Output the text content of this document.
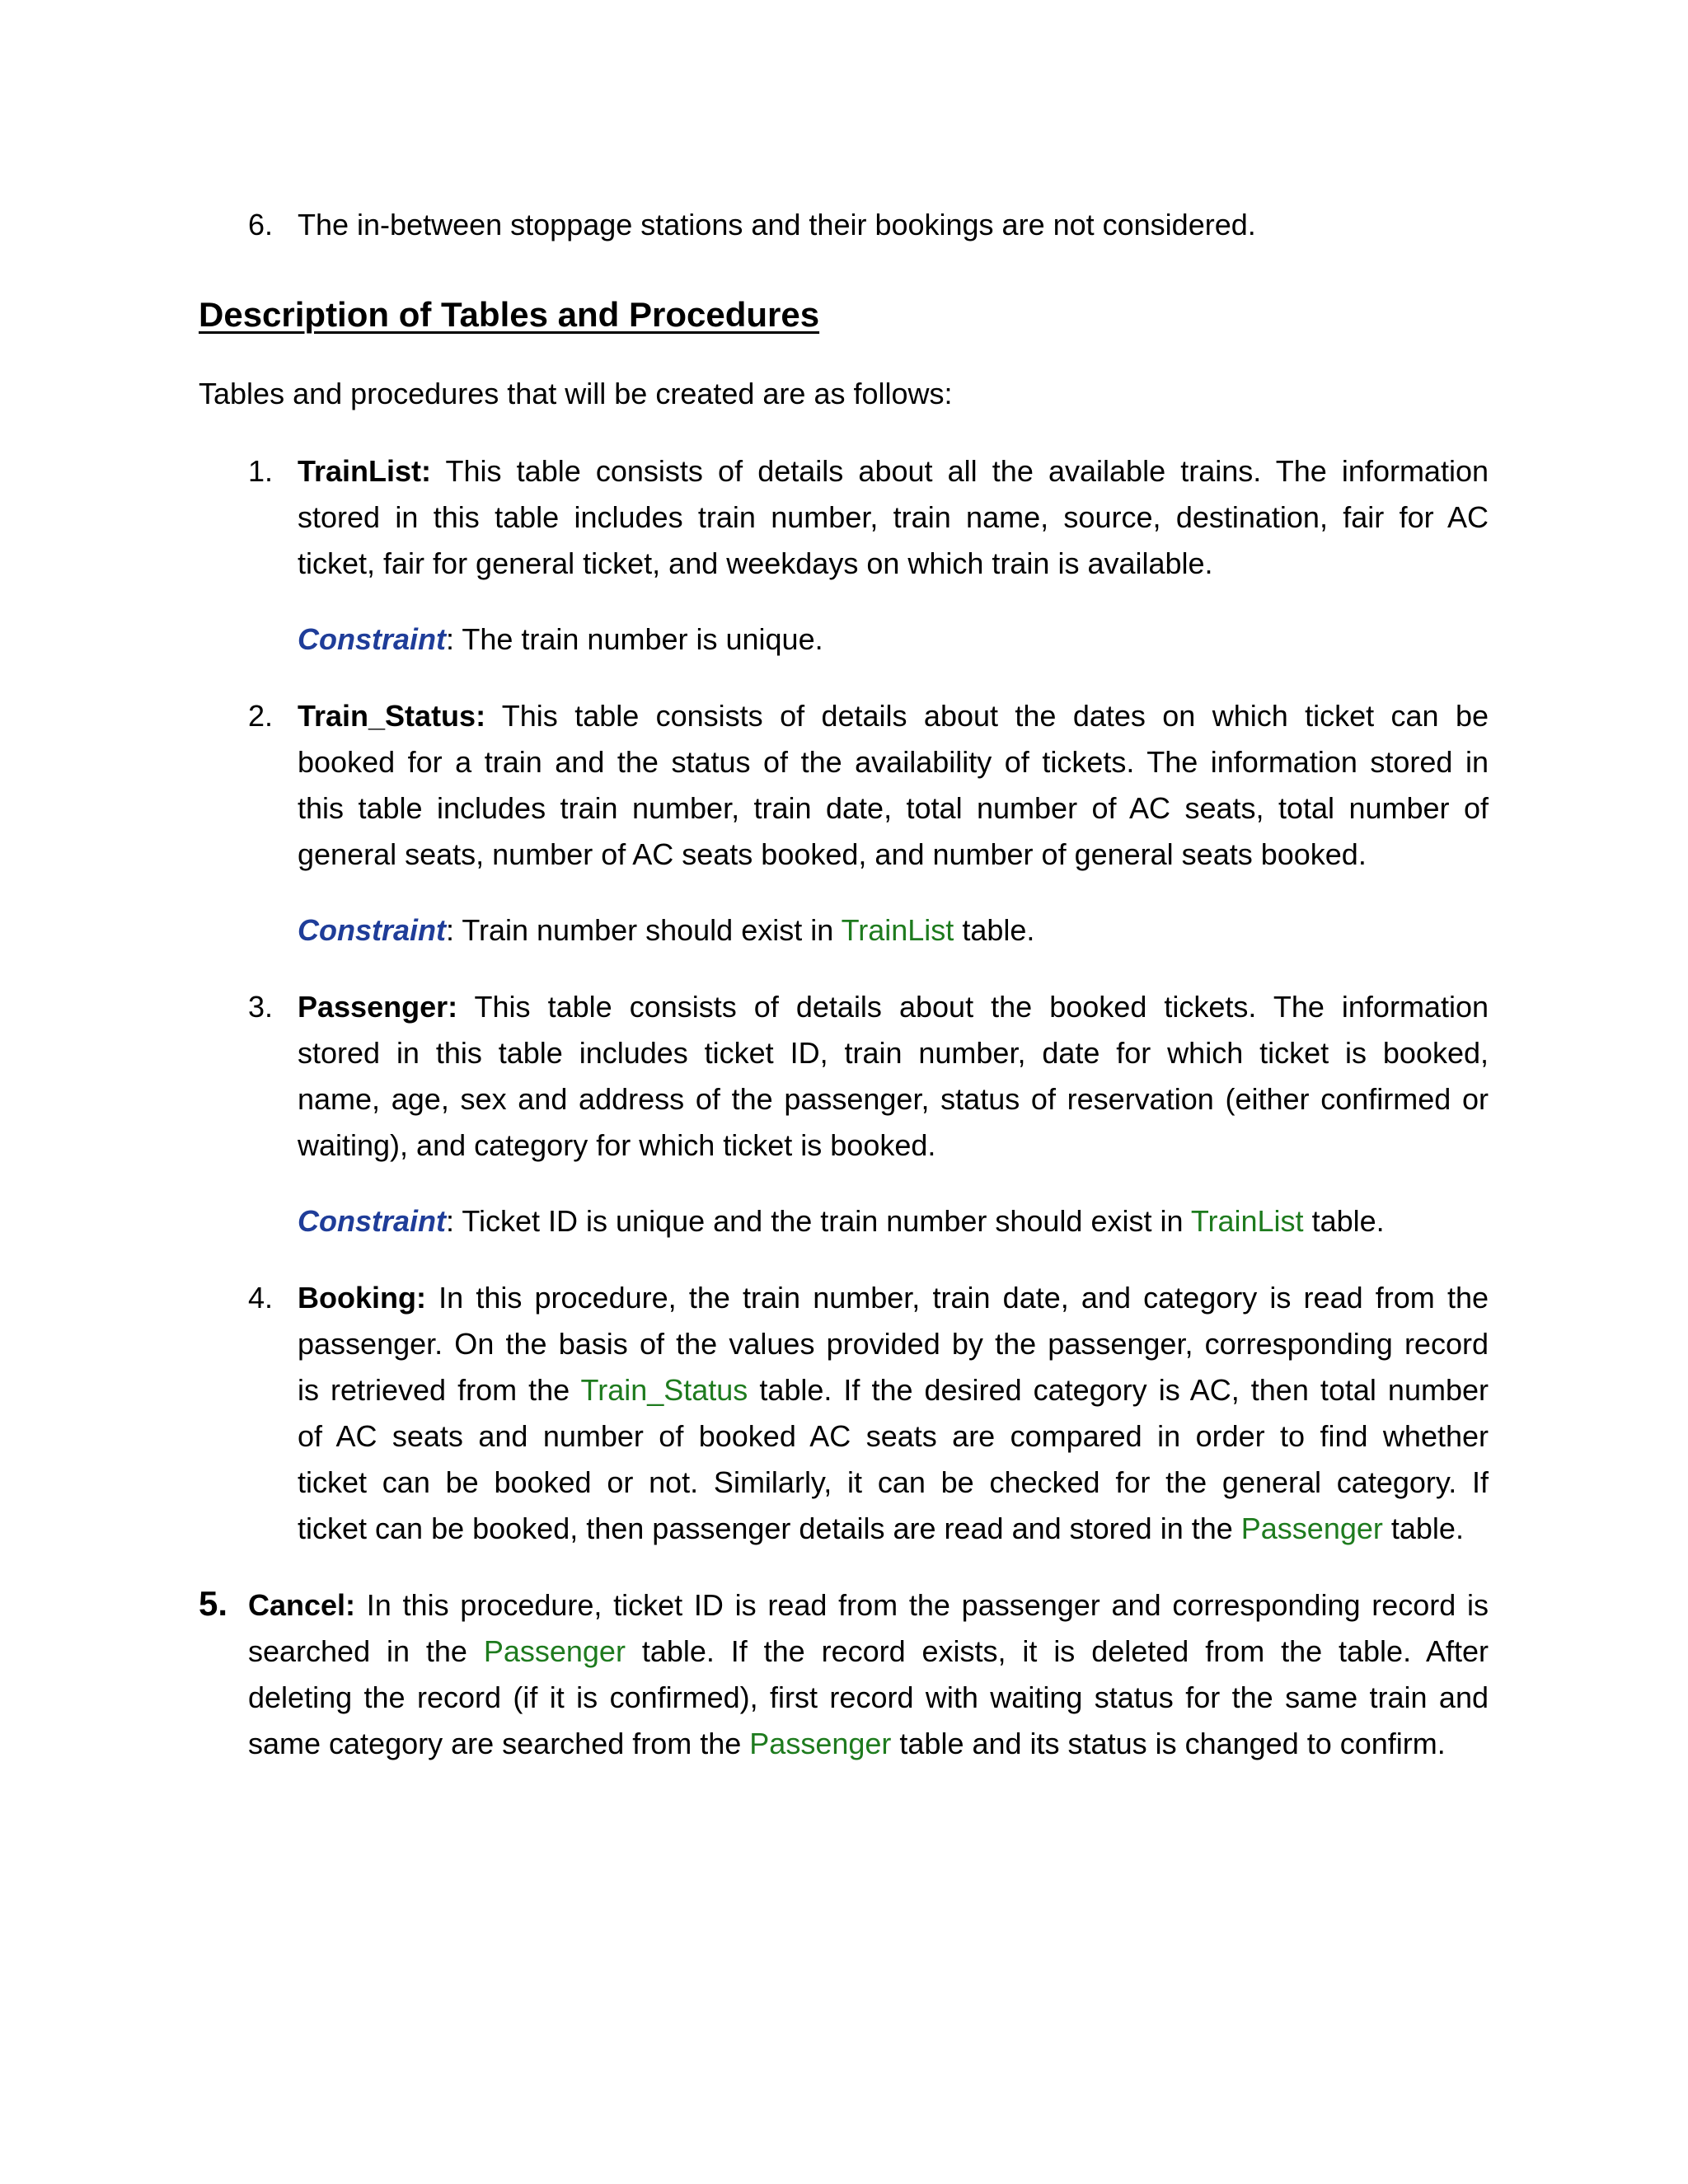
6. The in-between stoppage stations and their bookings are not considered.
Description of Tables and Procedures
Tables and procedures that will be created are as follows:
1. TrainList: This table consists of details about all the available trains. The information
stored in this table includes train number, train name, source, destination, fair for AC
ticket, fair for general ticket, and weekdays on which train is available.
Constraint: The train number is unique.
2. Train_Status: This table consists of details about the dates on which ticket can be
booked for a train and the status of the availability of tickets. The information stored in
this table includes train number, train date, total number of AC seats, total number of
general seats, number of AC seats booked, and number of general seats booked.
Constraint: Train number should exist in TrainList table.
3. Passenger: This table consists of details about the booked tickets. The information
stored in this table includes ticket ID, train number, date for which ticket is booked,
name, age, sex and address of the passenger, status of reservation (either confirmed or
waiting), and category for which ticket is booked.
Constraint: Ticket ID is unique and the train number should exist in TrainList table.
4. Booking: In this procedure, the train number, train date, and category is read from the
passenger. On the basis of the values provided by the passenger, corresponding record
is retrieved from the Train_Status table. If the desired category is AC, then total number
of AC seats and number of booked AC seats are compared in order to find whether
ticket can be booked or not. Similarly, it can be checked for the general category. If
ticket can be booked, then passenger details are read and stored in the Passenger table.
5. Cancel: In this procedure, ticket ID is read from the passenger and corresponding record is
searched in the Passenger table. If the record exists, it is deleted from the table. After
deleting the record (if it is confirmed), first record with waiting status for the same train and
same category are searched from the Passenger table and its status is changed to confirm.
